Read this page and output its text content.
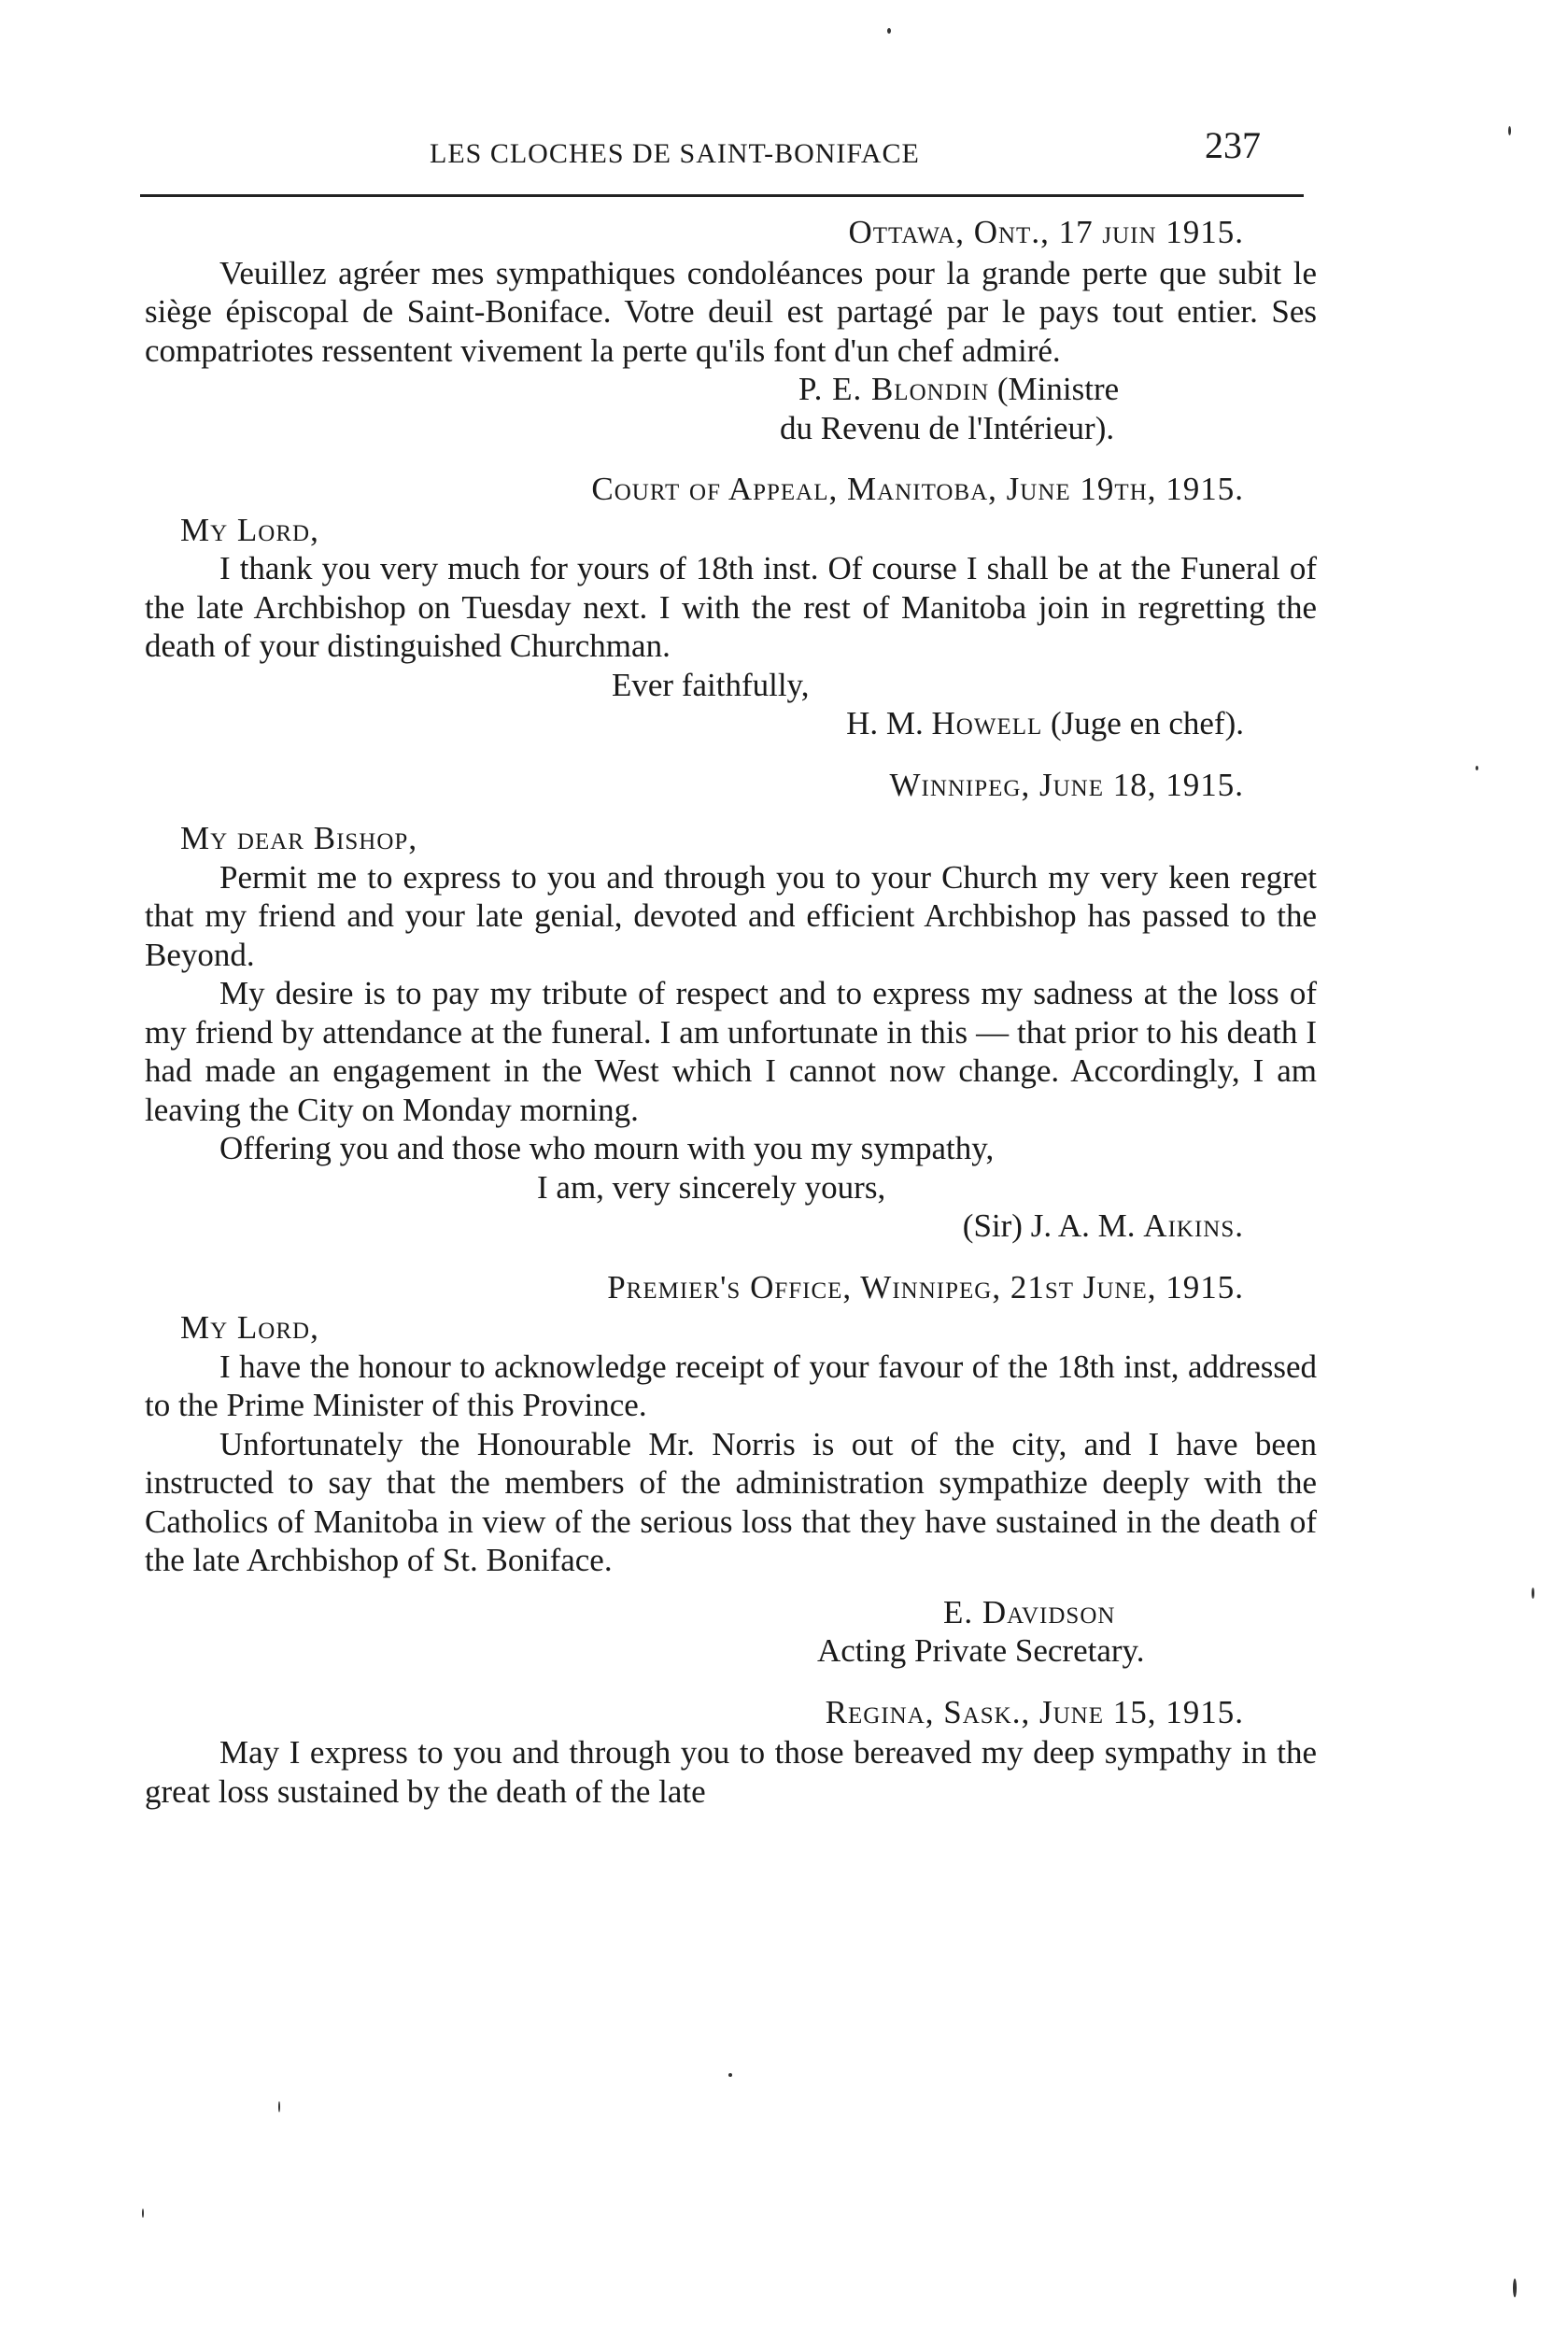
LES CLOCHES DE SAINT-BONIFACE	237
Ottawa, Ont., 17 juin 1915.

Veuillez agréer mes sympathiques condoléances pour la grande perte que subit le siège épiscopal de Saint-Boniface. Votre deuil est partagé par le pays tout entier. Ses compatriotes ressentent vivement la perte qu'ils font d'un chef admiré.

P. E. Blondin (Ministre

du Revenu de l'Intérieur).

Court of Appeal, Manitoba, June 19th, 1915.

My Lord,

I thank you very much for yours of 18th inst. Of course I shall be at the Funeral of the late Archbishop on Tuesday next. I with the rest of Manitoba join in regretting the death of your distinguished Churchman.

Ever faithfully,

H. M. Howell (Juge en chef).

Winnipeg, June 18, 1915.

My dear Bishop,

Permit me to express to you and through you to your Church my very keen regret that my friend and your late genial, devoted and efficient Archbishop has passed to the Beyond.

My desire is to pay my tribute of respect and to express my sadness at the loss of my friend by attendance at the funeral. I am unfortunate in this — that prior to his death I had made an engagement in the West which I cannot now change. Accordingly, I am leaving the City on Monday morning.

Offering you and those who mourn with you my sympathy,

I am, very sincerely yours,

(Sir) J. A. M. Aikins.

Premier's Office, Winnipeg, 21st June, 1915.

My Lord,

I have the honour to acknowledge receipt of your favour of the 18th inst, addressed to the Prime Minister of this Province.

Unfortunately the Honourable Mr. Norris is out of the city, and I have been instructed to say that the members of the administration sympathize deeply with the Catholics of Manitoba in view of the serious loss that they have sustained in the death of the late Archbishop of St. Boniface.

E. Davidson

Acting Private Secretary.

Regina, Sask., June 15, 1915.

May I express to you and through you to those bereaved my deep sympathy in the great loss sustained by the death of the late
